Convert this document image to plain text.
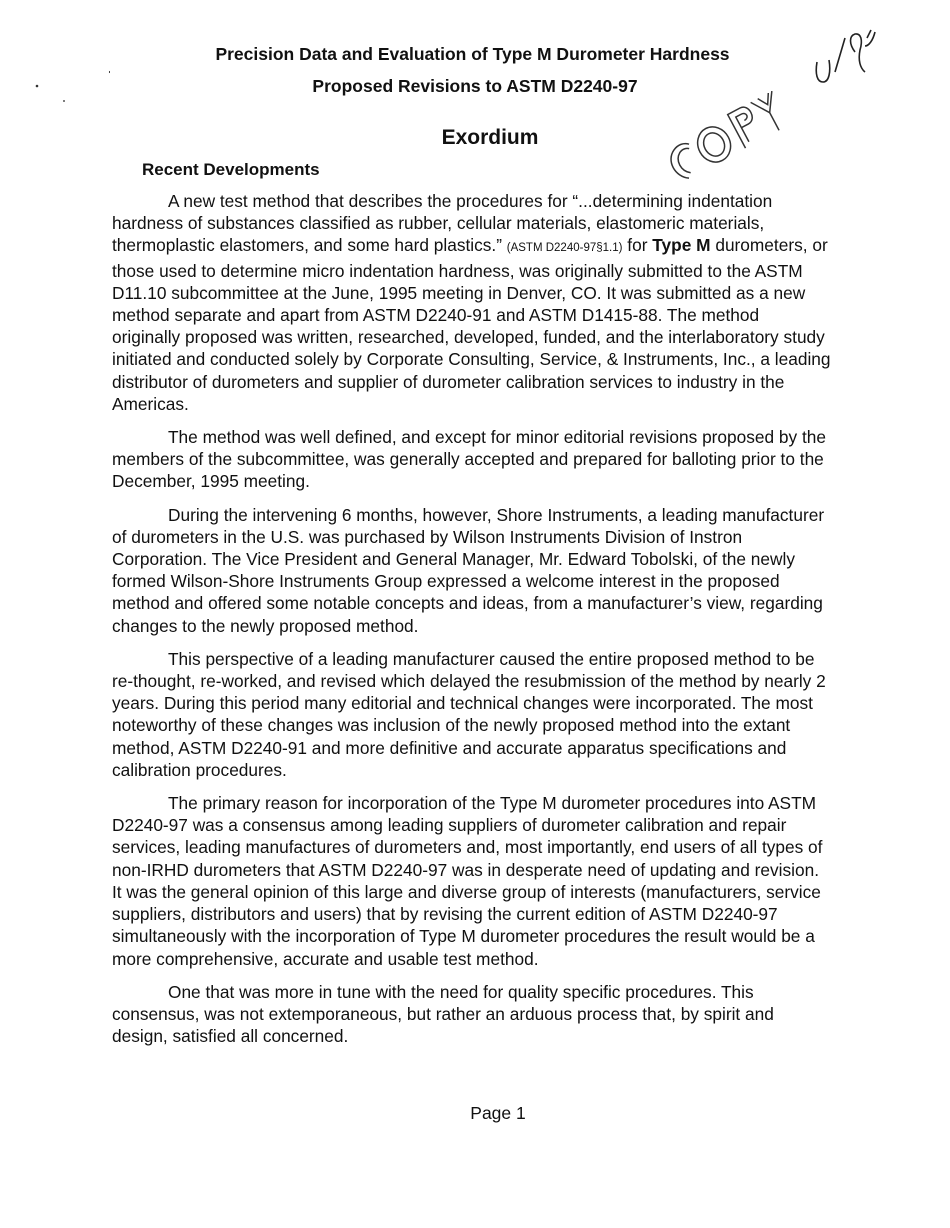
Precision Data and Evaluation of Type M Durometer Hardness
Proposed Revisions to ASTM D2240-97
Exordium
Recent Developments

A new test method that describes the procedures for “...determining indentation hardness of substances classified as rubber, cellular materials, elastomeric materials, thermoplastic elastomers, and some hard plastics.” (ASTM D2240-97§1.1) for Type M durometers, or those used to determine micro indentation hardness, was originally submitted to the ASTM D11.10 subcommittee at the June, 1995 meeting in Denver, CO. It was submitted as a new method separate and apart from ASTM D2240-91 and ASTM D1415-88. The method originally proposed was written, researched, developed, funded, and the interlaboratory study initiated and conducted solely by Corporate Consulting, Service, & Instruments, Inc., a leading distributor of durometers and supplier of durometer calibration services to industry in the Americas.

The method was well defined, and except for minor editorial revisions proposed by the members of the subcommittee, was generally accepted and prepared for balloting prior to the December, 1995 meeting.

During the intervening 6 months, however, Shore Instruments, a leading manufacturer of durometers in the U.S. was purchased by Wilson Instruments Division of Instron Corporation. The Vice President and General Manager, Mr. Edward Tobolski, of the newly formed Wilson-Shore Instruments Group expressed a welcome interest in the proposed method and offered some notable concepts and ideas, from a manufacturer’s view, regarding changes to the newly proposed method.

This perspective of a leading manufacturer caused the entire proposed method to be re-thought, re-worked, and revised which delayed the resubmission of the method by nearly 2 years. During this period many editorial and technical changes were incorporated. The most noteworthy of these changes was inclusion of the newly proposed method into the extant method, ASTM D2240-91 and more definitive and accurate apparatus specifications and calibration procedures.

The primary reason for incorporation of the Type M durometer procedures into ASTM D2240-97 was a consensus among leading suppliers of durometer calibration and repair services, leading manufactures of durometers and, most importantly, end users of all types of non-IRHD durometers that ASTM D2240-97 was in desperate need of updating and revision. It was the general opinion of this large and diverse group of interests (manufacturers, service suppliers, distributors and users) that by revising the current edition of ASTM D2240-97 simultaneously with the incorporation of Type M durometer procedures the result would be a more comprehensive, accurate and usable test method.

One that was more in tune with the need for quality specific procedures. This consensus, was not extemporaneous, but rather an arduous process that, by spirit and design, satisfied all concerned.

Page 1
